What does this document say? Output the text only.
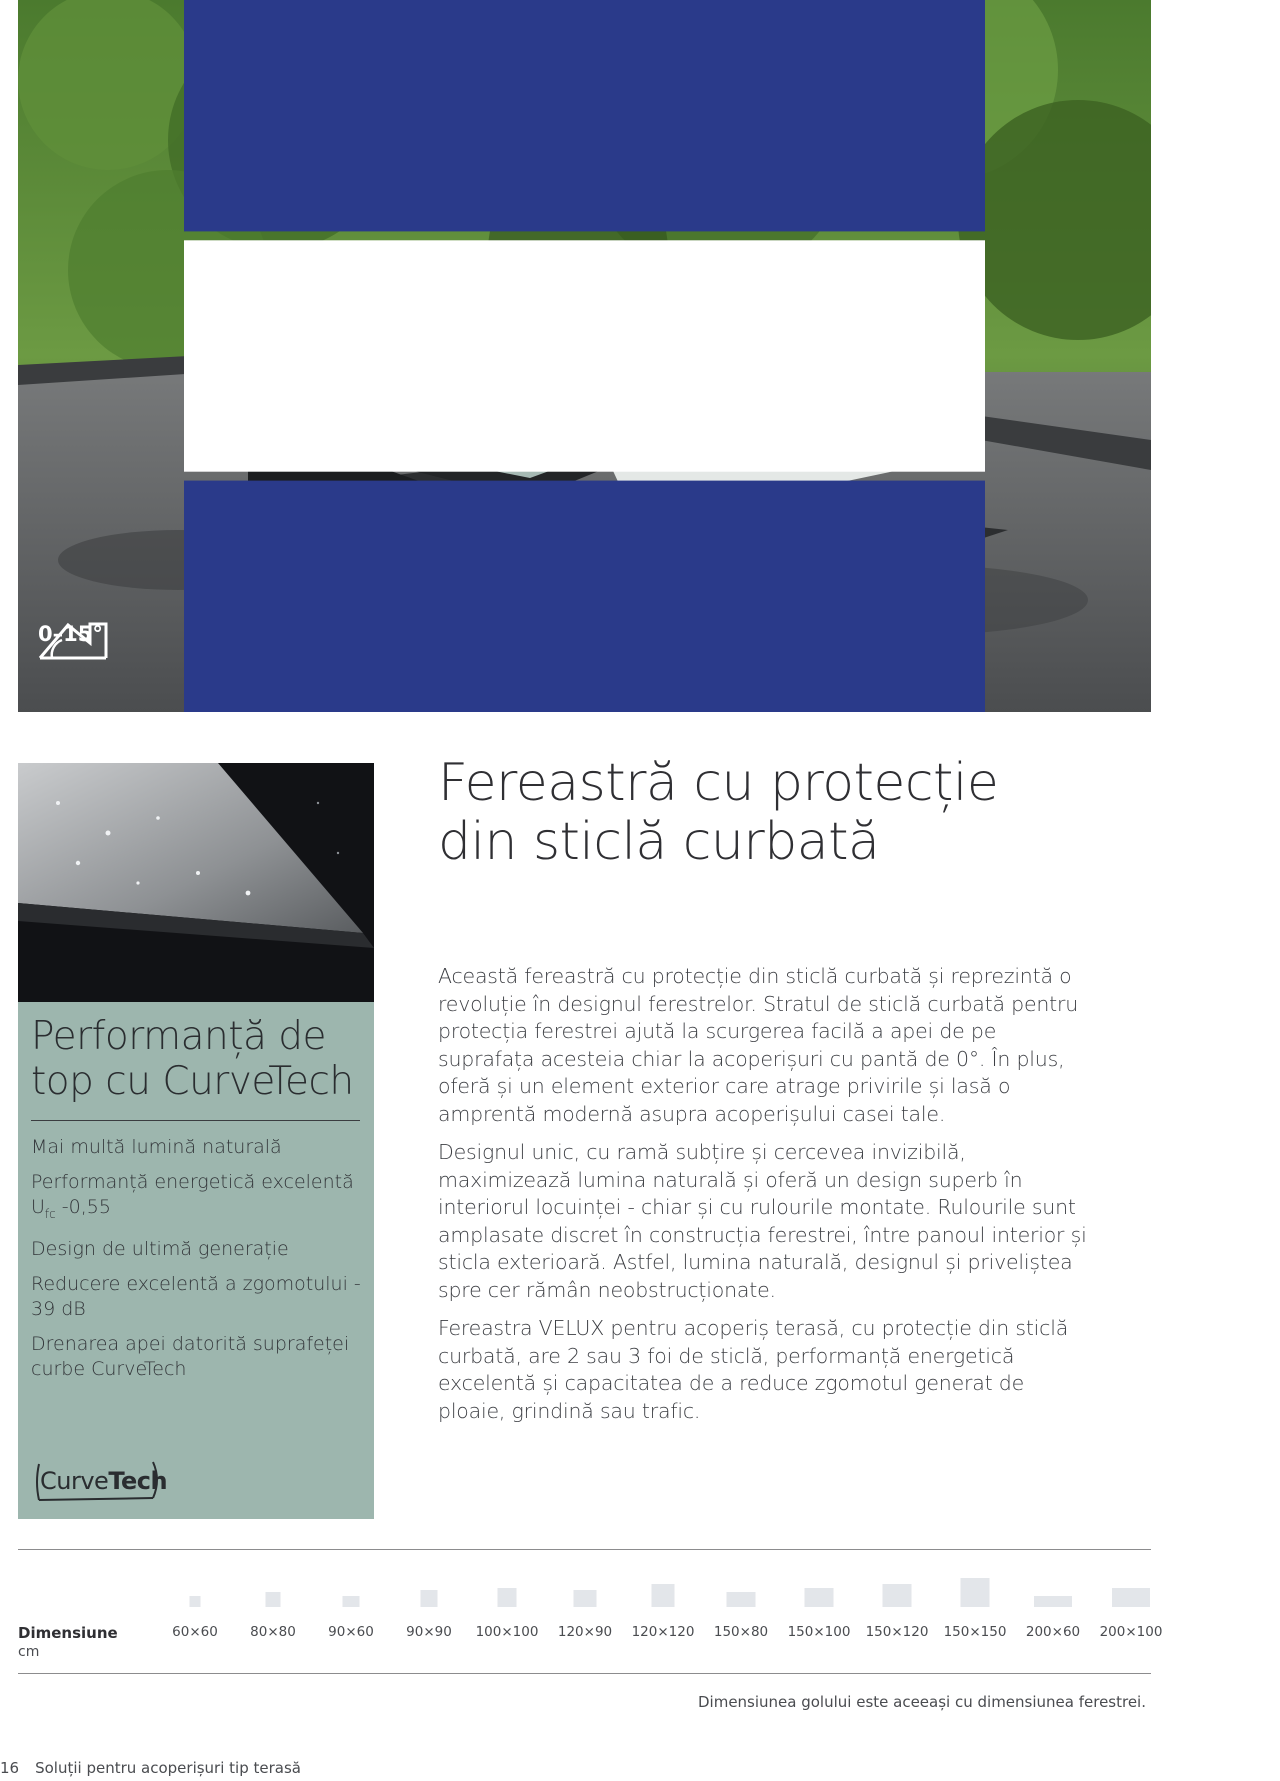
0–15°
Performanță de top cu CurveTech
Mai multă lumină naturală
Performanță energetică excelentă $U_{fc}$ -0,55
Design de ultimă generație
Reducere excelentă a zgomotului - 39 dB
Drenarea apei datorită suprafeței curbe CurveTech
CurveTech
Fereastră cu protecție din sticlă curbată

Această fereastră cu protecție din sticlă curbată și reprezintă o revoluție în designul ferestrelor. Stratul de sticlă curbată pentru protecția ferestrei ajută la scurgerea facilă a apei de pe suprafața acesteia chiar la acoperișuri cu pantă de 0°. În plus, oferă și un element exterior care atrage privirile și lasă o amprentă modernă asupra acoperișului casei tale.

Designul unic, cu ramă subțire și cercevea invizibilă, maximizează lumina naturală și oferă un design superb în interiorul locuinței - chiar și cu rulourile montate. Rulourile sunt amplasate discret în construcția ferestrei, între panoul interior și sticla exterioară. Astfel, lumina naturală, designul și priveliștea spre cer rămân neobstrucționate.

Fereastra VELUX pentru acoperiș terasă, cu protecție din sticlă curbată, are 2 sau 3 foi de sticlă, performanță energetică excelentă și capacitatea de a reduce zgomotul generat de ploaie, grindină sau trafic.

Dimensiune
cm
60×60	80×80	90×60	90×90	100×100	120×90	120×120	150×80	150×100	150×120	150×150	200×60	200×100
Dimensiunea golului este aceeași cu dimensiunea ferestrei.
16 Soluții pentru acoperișuri tip terasă
